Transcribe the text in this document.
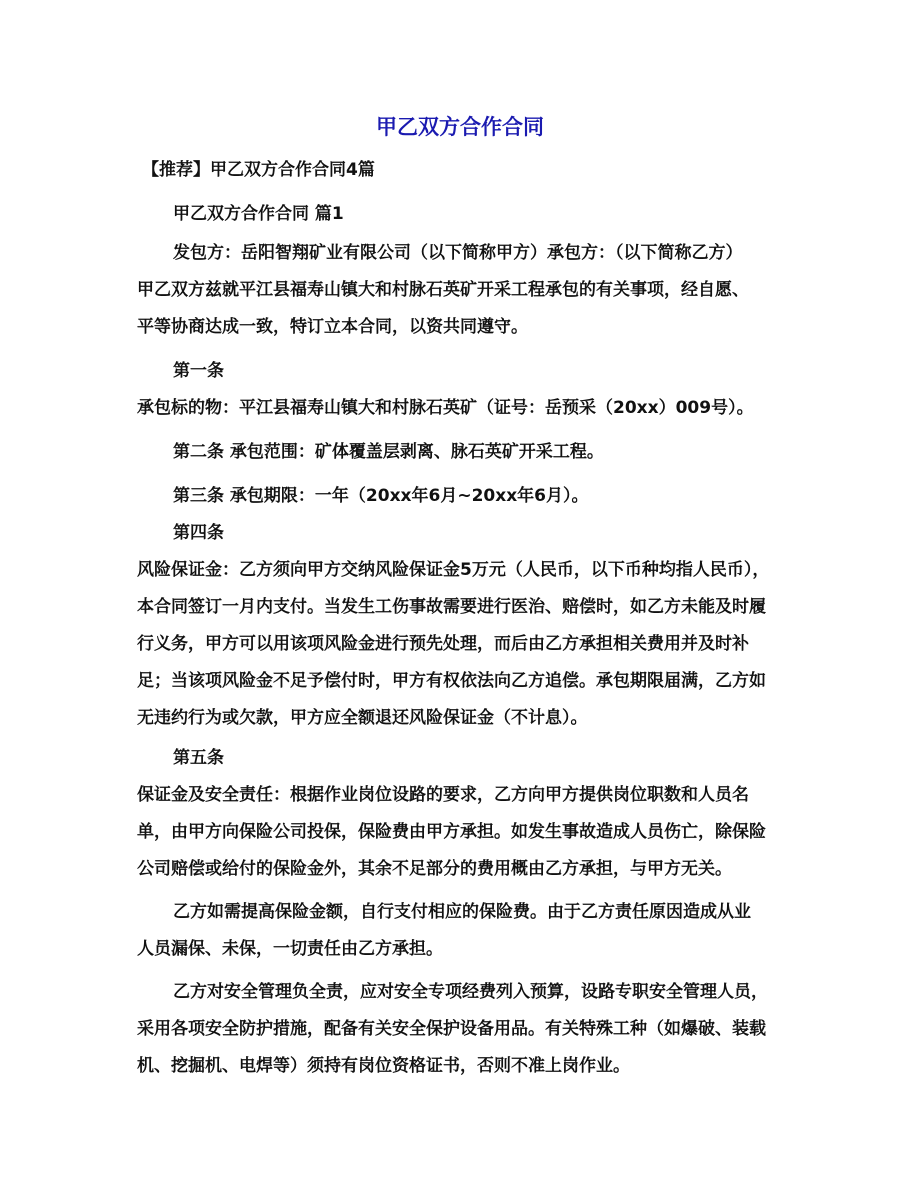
甲乙双方合作合同

【推荐】甲乙双方合作合同4篇

甲乙双方合作合同 篇1

发包方：岳阳智翔矿业有限公司（以下简称甲方）承包方：（以下简称乙方）

甲乙双方兹就平江县福寿山镇大和村脉石英矿开采工程承包的有关事项，经自愿、

平等协商达成一致，特订立本合同，以资共同遵守。

第一条

承包标的物：平江县福寿山镇大和村脉石英矿（证号：岳预采（20xx）009号）。

第二条 承包范围：矿体覆盖层剥离、脉石英矿开采工程。

第三条 承包期限：一年（20xx年6月~20xx年6月）。

第四条

风险保证金：乙方须向甲方交纳风险保证金5万元（人民币，以下币种均指人民币），

本合同签订一月内支付。当发生工伤事故需要进行医治、赔偿时，如乙方未能及时履

行义务，甲方可以用该项风险金进行预先处理，而后由乙方承担相关费用并及时补

足；当该项风险金不足予偿付时，甲方有权依法向乙方追偿。承包期限届满，乙方如

无违约行为或欠款，甲方应全额退还风险保证金（不计息）。

第五条

保证金及安全责任：根据作业岗位设路的要求，乙方向甲方提供岗位职数和人员名

单，由甲方向保险公司投保，保险费由甲方承担。如发生事故造成人员伤亡，除保险

公司赔偿或给付的保险金外，其余不足部分的费用概由乙方承担，与甲方无关。

乙方如需提高保险金额，自行支付相应的保险费。由于乙方责任原因造成从业

人员漏保、未保，一切责任由乙方承担。

乙方对安全管理负全责，应对安全专项经费列入预算，设路专职安全管理人员，

采用各项安全防护措施，配备有关安全保护设备用品。有关特殊工种（如爆破、装载

机、挖掘机、电焊等）须持有岗位资格证书，否则不准上岗作业。
